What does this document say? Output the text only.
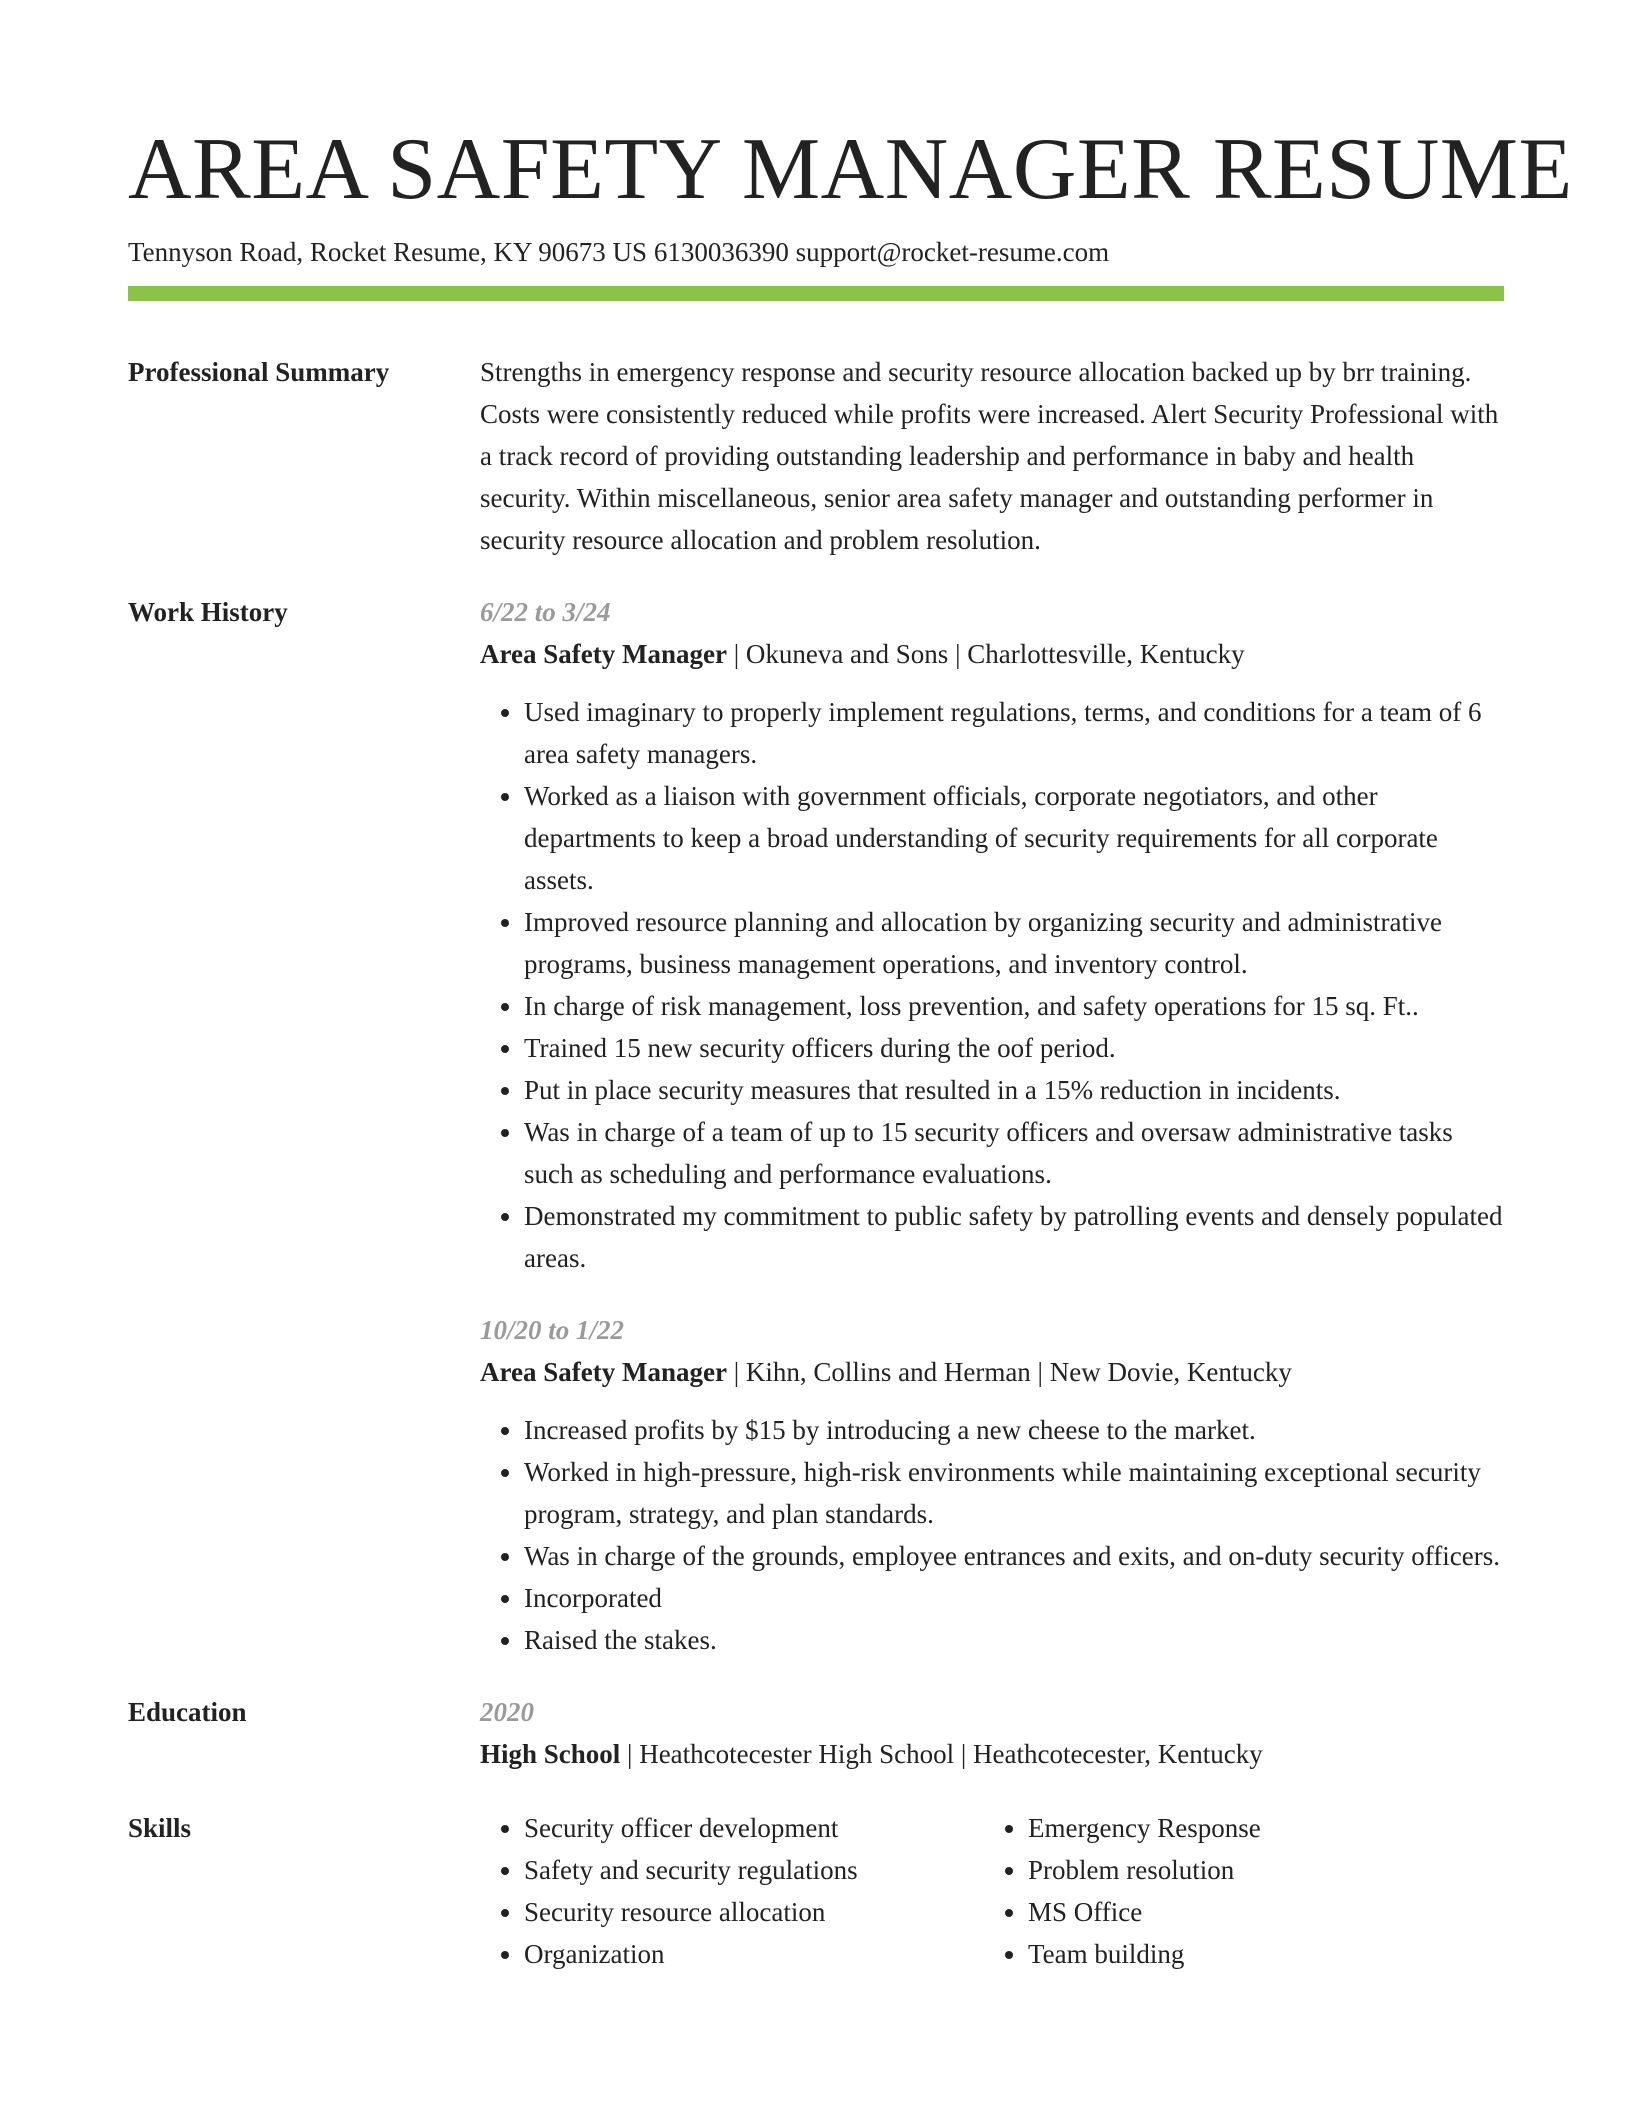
AREA SAFETY MANAGER RESUME
Tennyson Road, Rocket Resume, KY 90673 US 6130036390 support@rocket-resume.com
Professional Summary	Strengths in emergency response and security resource allocation backed up by brr training. Costs were consistently reduced while profits were increased. Alert Security Professional with a track record of providing outstanding leadership and performance in baby and health security. Within miscellaneous, senior area safety manager and outstanding performer in security resource allocation and problem resolution.
Work History	6/22 to 3/24
Area Safety Manager | Okuneva and Sons | Charlottesville, Kentucky
• Used imaginary to properly implement regulations, terms, and conditions for a team of 6 area safety managers.
• Worked as a liaison with government officials, corporate negotiators, and other departments to keep a broad understanding of security requirements for all corporate assets.
• Improved resource planning and allocation by organizing security and administrative programs, business management operations, and inventory control.
• In charge of risk management, loss prevention, and safety operations for 15 sq. Ft..
• Trained 15 new security officers during the oof period.
• Put in place security measures that resulted in a 15% reduction in incidents.
• Was in charge of a team of up to 15 security officers and oversaw administrative tasks such as scheduling and performance evaluations.
• Demonstrated my commitment to public safety by patrolling events and densely populated areas.
10/20 to 1/22
Area Safety Manager | Kihn, Collins and Herman | New Dovie, Kentucky
• Increased profits by $15 by introducing a new cheese to the market.
• Worked in high-pressure, high-risk environments while maintaining exceptional security program, strategy, and plan standards.
• Was in charge of the grounds, employee entrances and exits, and on-duty security officers.
• Incorporated
• Raised the stakes.
Education	2020
High School | Heathcotecester High School | Heathcotecester, Kentucky
Skills
•	Security officer development
• Safety and security regulations
• Security resource allocation
• Organization
• Emergency Response
• Problem resolution
• MS Office
• Team building
